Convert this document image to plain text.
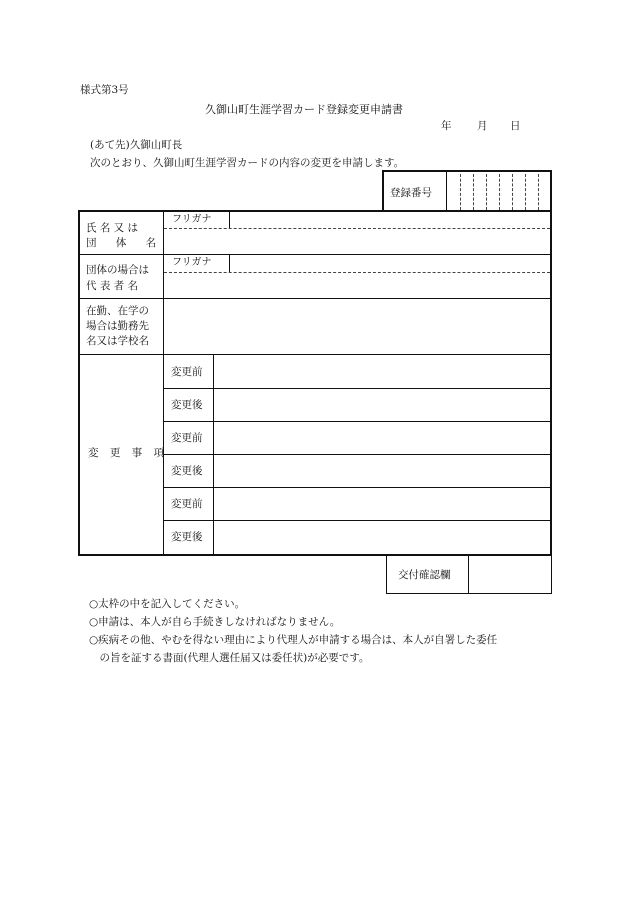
様式第3号
久御山町生涯学習カード登録変更申請書
年 月 日
(あて先)久御山町長
次のとおり、久御山町生涯学習カードの内容の変更を申請します。
登録番号
氏 名 又 は
団 体 名
フリガナ
団体の場合は
代 表 者 名
フリガナ
在勤、在学の
場合は勤務先
名又は学校名
変 更 事 項
変更前
変更後
変更前
変更後
変更前
変更後
交付確認欄
○太枠の中を記入してください。
○申請は、本人が自ら手続きしなければなりません。
○疾病その他、やむを得ない理由により代理人が申請する場合は、本人が自署した委任
　の旨を証する書面(代理人選任届又は委任状)が必要です。
